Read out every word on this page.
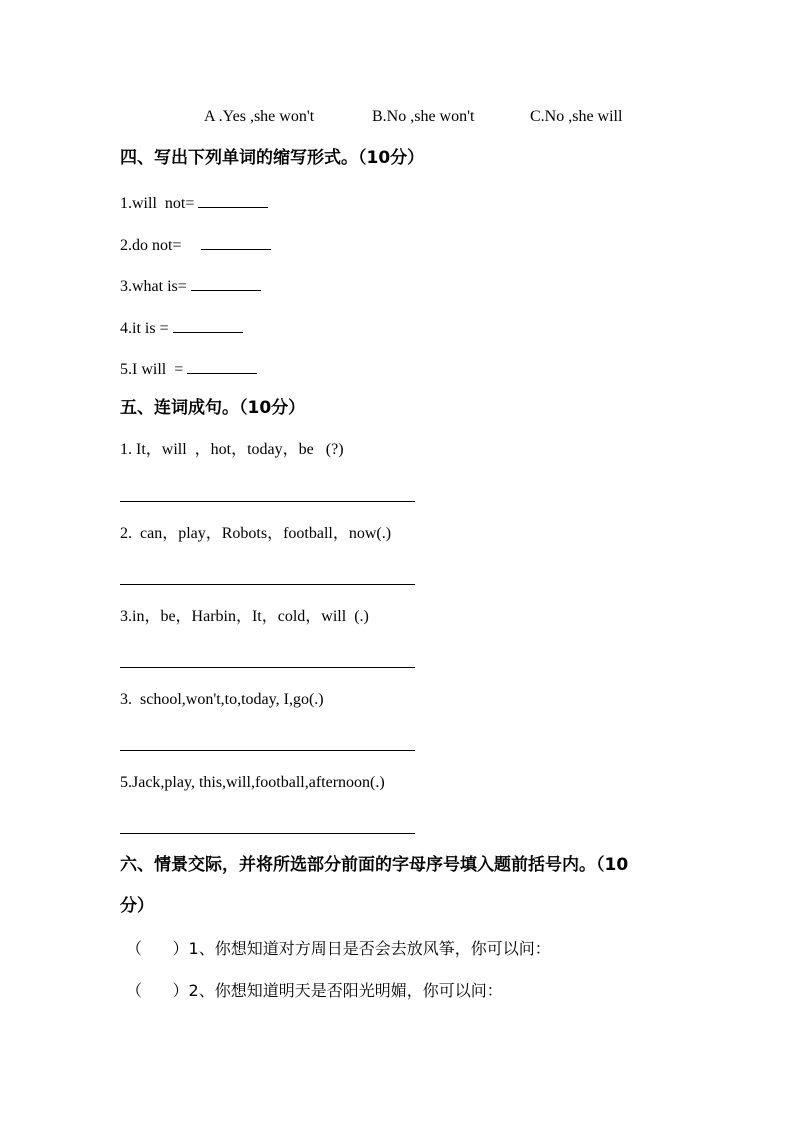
A .Yes ,she won't	B.No ,she won't	C.No ,she will
四、写出下列单词的缩写形式。（10分）
1.will  not=
2.do not=
3.what is=
4.it is =
5.I will  =
五、连词成句。（10分）
1. It，will  ，hot，today，be   (?)
2.  can，play，Robots，football，now(.)
3.in，be，Harbin，It，cold，will  (.)
3.  school,won't,to,today, I,go(.)
5.Jack,play, this,will,football,afternoon(.)
六、情景交际，并将所选部分前面的字母序号填入题前括号内。（10
分）
（      ）1、你想知道对方周日是否会去放风筝，你可以问：
（      ）2、你想知道明天是否阳光明媚，你可以问：
